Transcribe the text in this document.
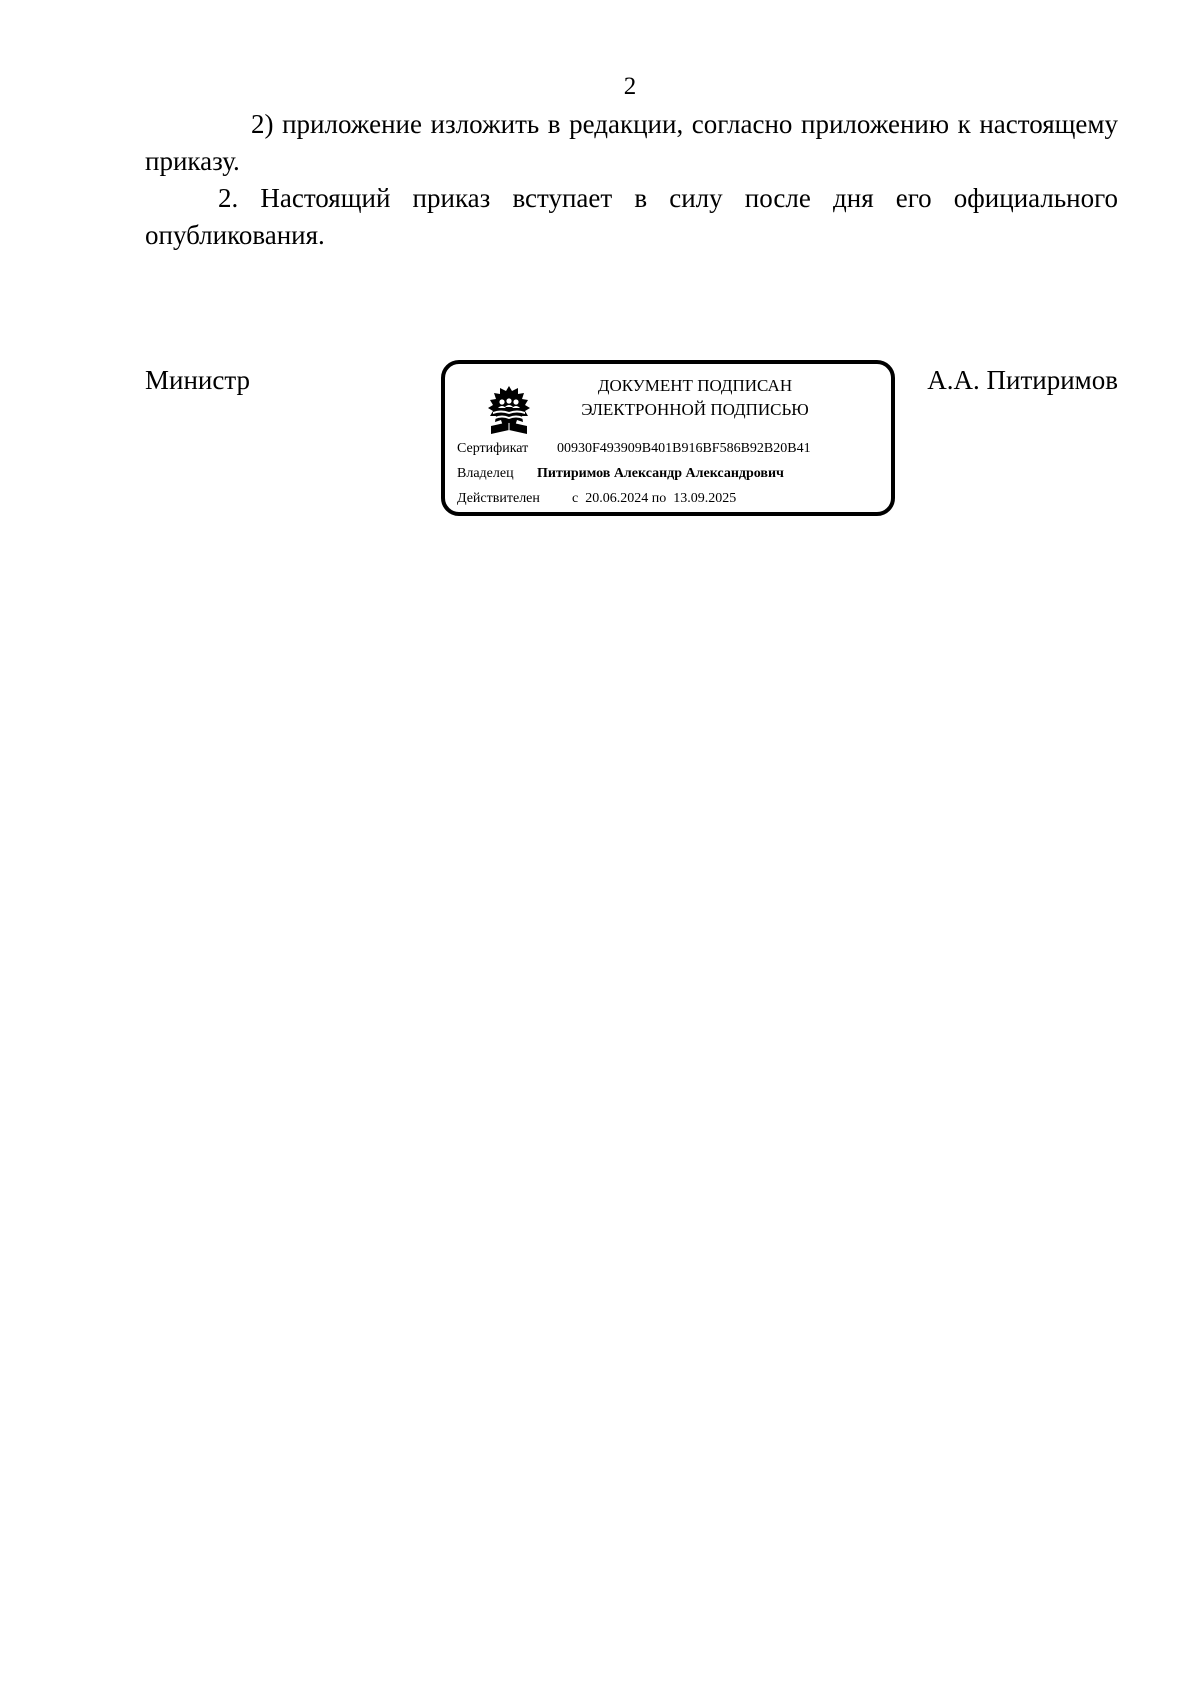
2

2) приложение изложить в редакции, согласно приложению к настоящему приказу.

2. Настоящий приказ вступает в силу после дня его официального опубликования.

Министр	ДОКУМЕНТ ПОДПИСАН
ЭЛЕКТРОННОЙ ПОДПИСЬЮ
Сертификат 00930F493909B401B916BF586B92B20B41
Владелец Питиримов Александр Александрович
Действителен с  20.06.2024 по  13.09.2025
А.А. Питиримов
